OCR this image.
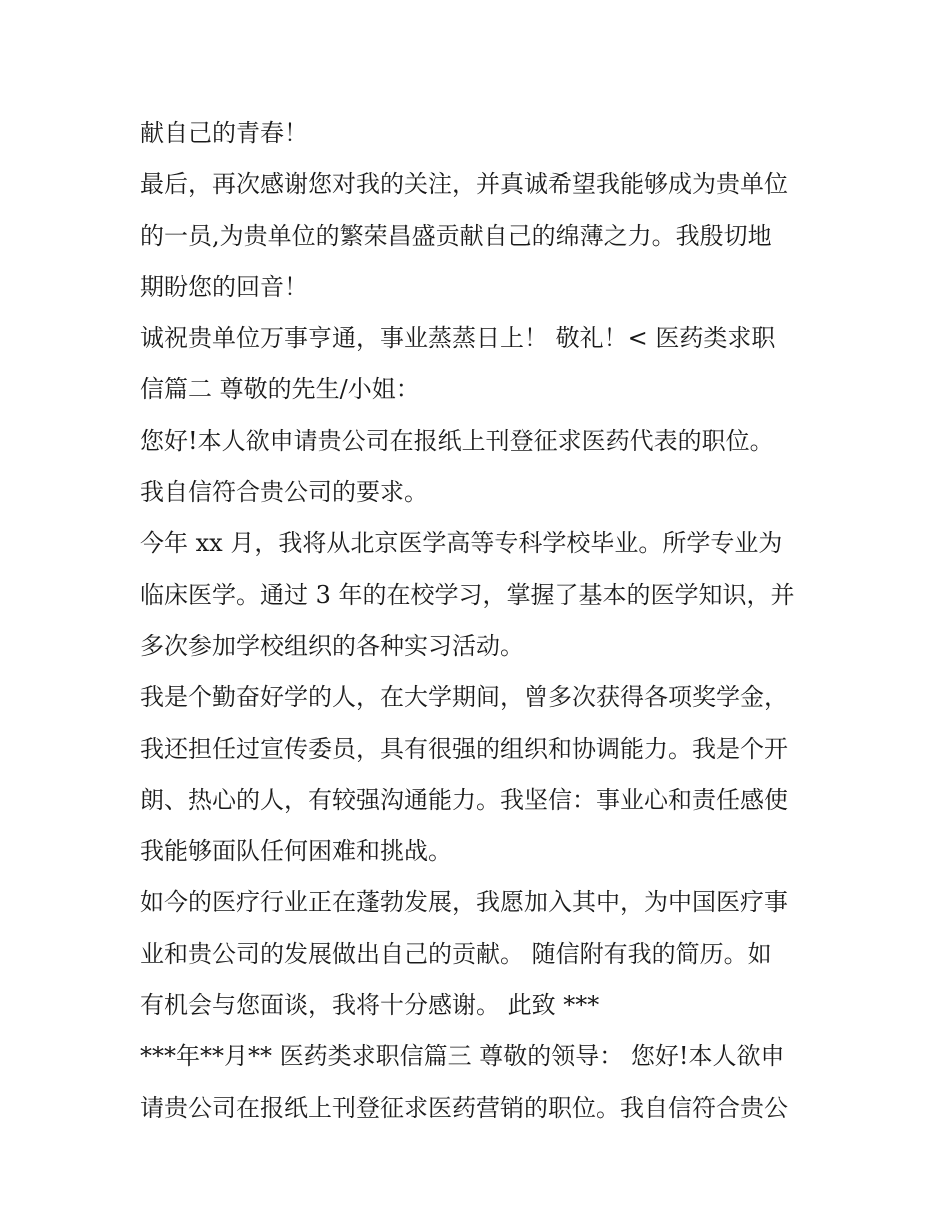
献自己的青春！
最后，再次感谢您对我的关注，并真诚希望我能够成为贵单位
的一员,为贵单位的繁荣昌盛贡献自己的绵薄之力。我殷切地
期盼您的回音！
诚祝贵单位万事亨通，事业蒸蒸日上！ 敬礼！< 医药类求职
信篇二 尊敬的先生/小姐：
您好!本人欲申请贵公司在报纸上刊登征求医药代表的职位。
我自信符合贵公司的要求。
今年 xx 月，我将从北京医学高等专科学校毕业。所学专业为
临床医学。通过 3 年的在校学习，掌握了基本的医学知识，并
多次参加学校组织的各种实习活动。
我是个勤奋好学的人，在大学期间，曾多次获得各项奖学金，
我还担任过宣传委员，具有很强的组织和协调能力。我是个开
朗、热心的人，有较强沟通能力。我坚信：事业心和责任感使
我能够面队任何困难和挑战。
如今的医疗行业正在蓬勃发展，我愿加入其中，为中国医疗事
业和贵公司的发展做出自己的贡献。 随信附有我的简历。如
有机会与您面谈，我将十分感谢。 此致 ***
***年**月** 医药类求职信篇三 尊敬的领导： 您好!本人欲申
请贵公司在报纸上刊登征求医药营销的职位。我自信符合贵公
